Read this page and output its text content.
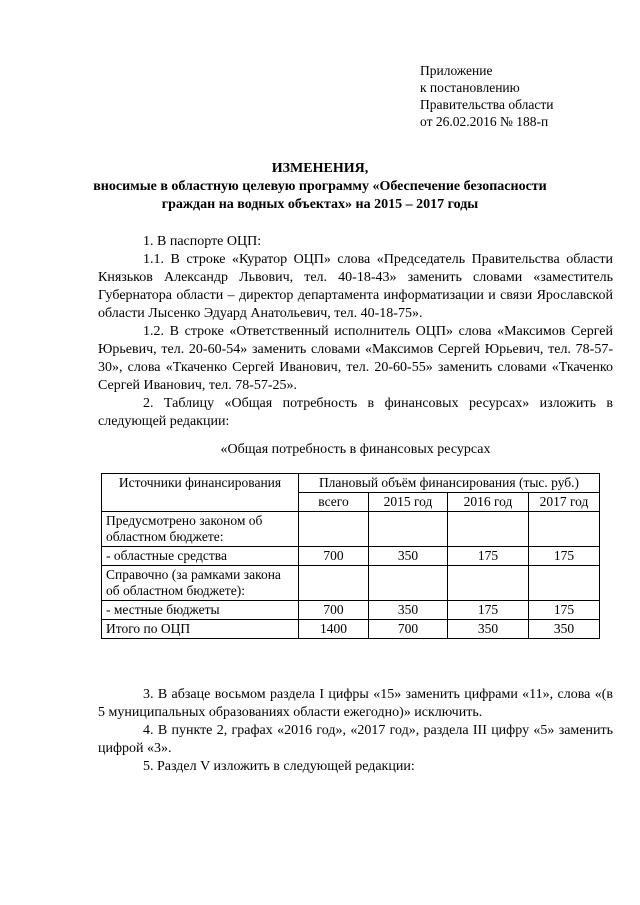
Приложение
к постановлению
Правительства области
от 26.02.2016 № 188-п
ИЗМЕНЕНИЯ,
вносимые в областную целевую программу «Обеспечение безопасности
граждан на водных объектах» на 2015 – 2017 годы

1. В паспорте ОЦП:

1.1. В строке «Куратор ОЦП» слова «Председатель Правительства области Князьков Александр Львович, тел. 40-18-43» заменить словами «заместитель Губернатора области – директор департамента информатизации и связи Ярославской области Лысенко Эдуард Анатольевич, тел. 40-18-75».

1.2. В строке «Ответственный исполнитель ОЦП» слова «Максимов Сергей Юрьевич, тел. 20-60-54» заменить словами «Максимов Сергей Юрьевич, тел. 78-57-30», слова «Ткаченко Сергей Иванович, тел. 20-60-55» заменить словами «Ткаченко Сергей Иванович, тел. 78-57-25».

2. Таблицу «Общая потребность в финансовых ресурсах» изложить в следующей редакции:

«Общая потребность в финансовых ресурсах
Источники финансирования	Плановый объём финансирования (тыс. руб.)			
	всего	2015 год	2016 год	2017 год
Предусмотрено законом об областном бюджете:				
- областные средства	700	350	175	175
Справочно (за рамками закона об областном бюджете):				
- местные бюджеты	700	350	175	175
Итого по ОЦП	1400	700	350	350

3. В абзаце восьмом раздела I цифры «15» заменить цифрами «11», слова «(в 5 муниципальных образованиях области ежегодно)» исключить.

4. В пункте 2, графах «2016 год», «2017 год», раздела III цифру «5» заменить цифрой «3».

5. Раздел V изложить в следующей редакции:
